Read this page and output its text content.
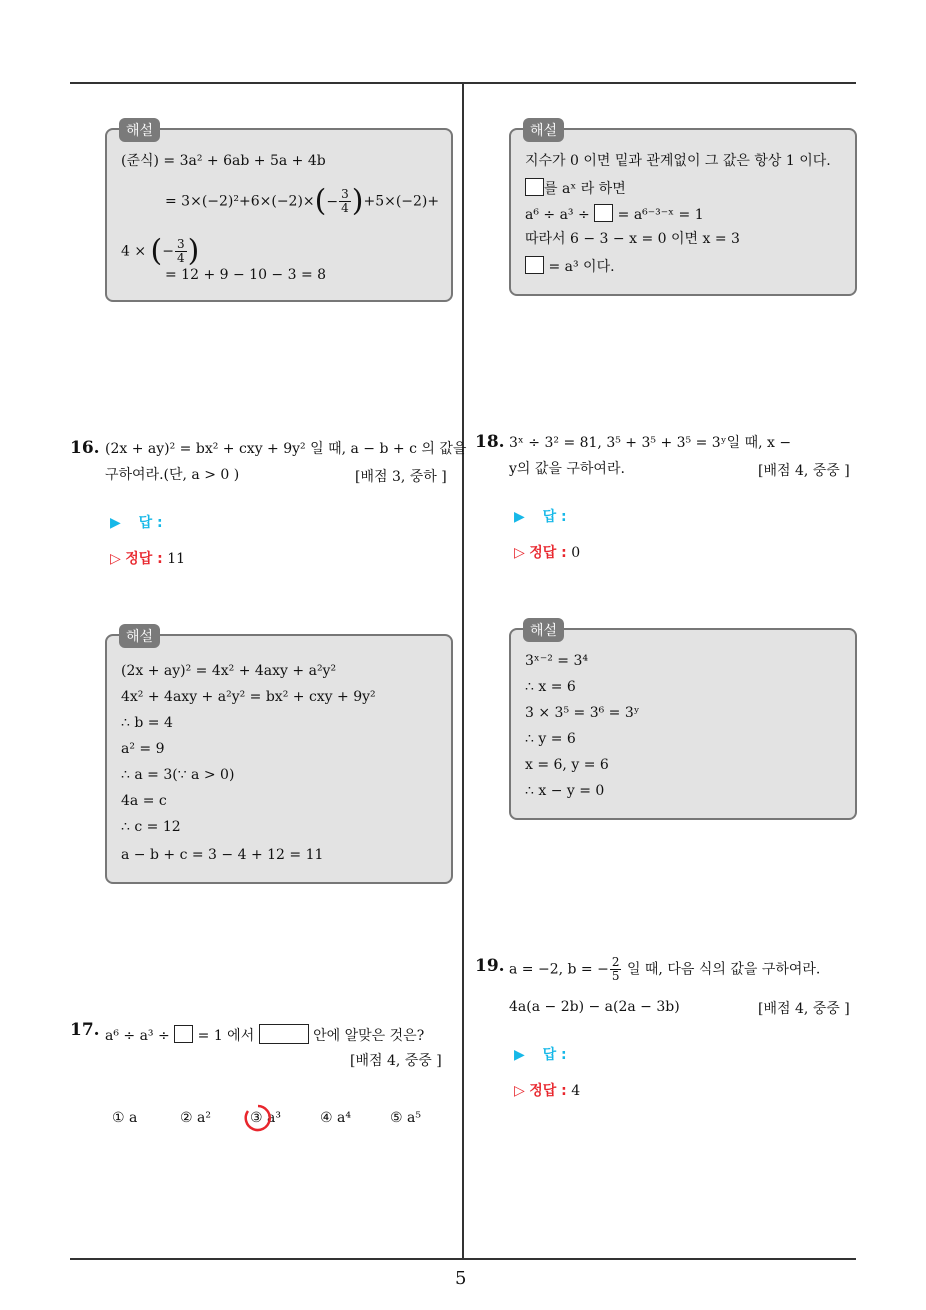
5
해설
(준식) = 3a² + 6ab + 5a + 4b
= $3\times(-2)^2+6\times(-2)\times(- \frac{3}{4} )+5\times(-2)+$
4 × (− $\frac{3}{4}$ )
= 12 + 9 − 10 − 3 = 8
해설
지수가 0 이면 밑과 관계없이 그 값은 항상 1 이다.
를 aˣ 라 하면
a⁶ ÷ a³ ÷ = a⁶⁻³⁻ˣ = 1
따라서 6 − 3 − x = 0 이면 x = 3
= a³ 이다.
16. (2x + ay)² = bx² + cxy + 9y² 일 때, a − b + c 의 값을
구하여라.(단, a > 0 )	[배점 3, 중하 ]
▶ 답 :
▷ 정답 : 11
해설
(2x + ay)² = 4x² + 4axy + a²y²
4x² + 4axy + a²y² = bx² + cxy + 9y²
∴ b = 4
a² = 9
∴ a = 3(∵ a > 0)
4a = c
∴ c = 12
a − b + c = 3 − 4 + 12 = 11
17. a⁶ ÷ a³ ÷ = 1 에서	안에 알맞은 것은?
[배점 4, 중중 ]
① a	② a²	③ a³	④ a⁴	⑤ a⁵
18. 3ˣ ÷ 3² = 81, 3⁵ + 3⁵ + 3⁵ = 3ʸ일 때, x −
y의 값을 구하여라.	[배점 4, 중중 ]
▶ 답 :
▷ 정답 : 0
해설
3ˣ⁻² = 3⁴
∴ x = 6
3 × 3⁵ = 3⁶ = 3ʸ
∴ y = 6
x = 6, y = 6
∴ x − y = 0
19. a = −2, b = − $\frac{2}{5}$ 일 때, 다음 식의 값을 구하여라.
4a(a − 2b) − a(2a − 3b)	[배점 4, 중중 ]
▶ 답 :
▷ 정답 : 4
